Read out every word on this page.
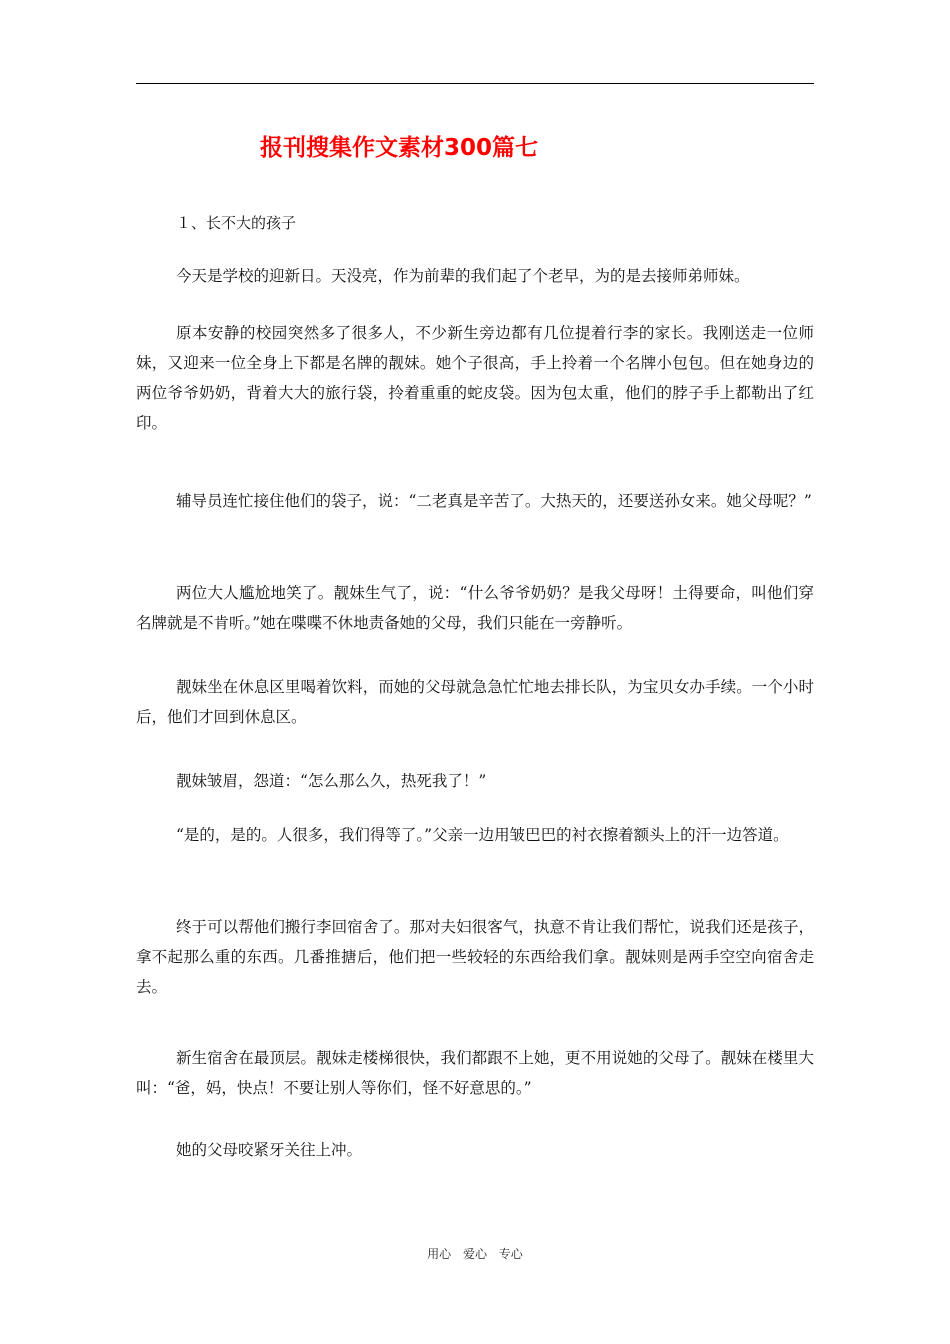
报刊搜集作文素材300篇七
１、长不大的孩子

今天是学校的迎新日。天没亮，作为前辈的我们起了个老早，为的是去接师弟师妹。

原本安静的校园突然多了很多人，不少新生旁边都有几位提着行李的家长。我刚送走一位师妹，又迎来一位全身上下都是名牌的靓妹。她个子很高，手上拎着一个名牌小包包。但在她身边的两位爷爷奶奶，背着大大的旅行袋，拎着重重的蛇皮袋。因为包太重，他们的脖子手上都勒出了红印。

辅导员连忙接住他们的袋子，说：“二老真是辛苦了。大热天的，还要送孙女来。她父母呢？”

两位大人尴尬地笑了。靓妹生气了，说：“什么爷爷奶奶？是我父母呀！土得要命，叫他们穿名牌就是不肯听。”她在喋喋不休地责备她的父母，我们只能在一旁静听。

靓妹坐在休息区里喝着饮料，而她的父母就急急忙忙地去排长队，为宝贝女办手续。一个小时后，他们才回到休息区。

靓妹皱眉，怨道：“怎么那么久，热死我了！”

“是的，是的。人很多，我们得等了。”父亲一边用皱巴巴的衬衣擦着额头上的汗一边答道。

终于可以帮他们搬行李回宿舍了。那对夫妇很客气，执意不肯让我们帮忙，说我们还是孩子，拿不起那么重的东西。几番推搪后，他们把一些较轻的东西给我们拿。靓妹则是两手空空向宿舍走去。

新生宿舍在最顶层。靓妹走楼梯很快，我们都跟不上她，更不用说她的父母了。靓妹在楼里大叫：“爸，妈，快点！不要让别人等你们，怪不好意思的。”

她的父母咬紧牙关往上冲。

用心 爱心 专心
